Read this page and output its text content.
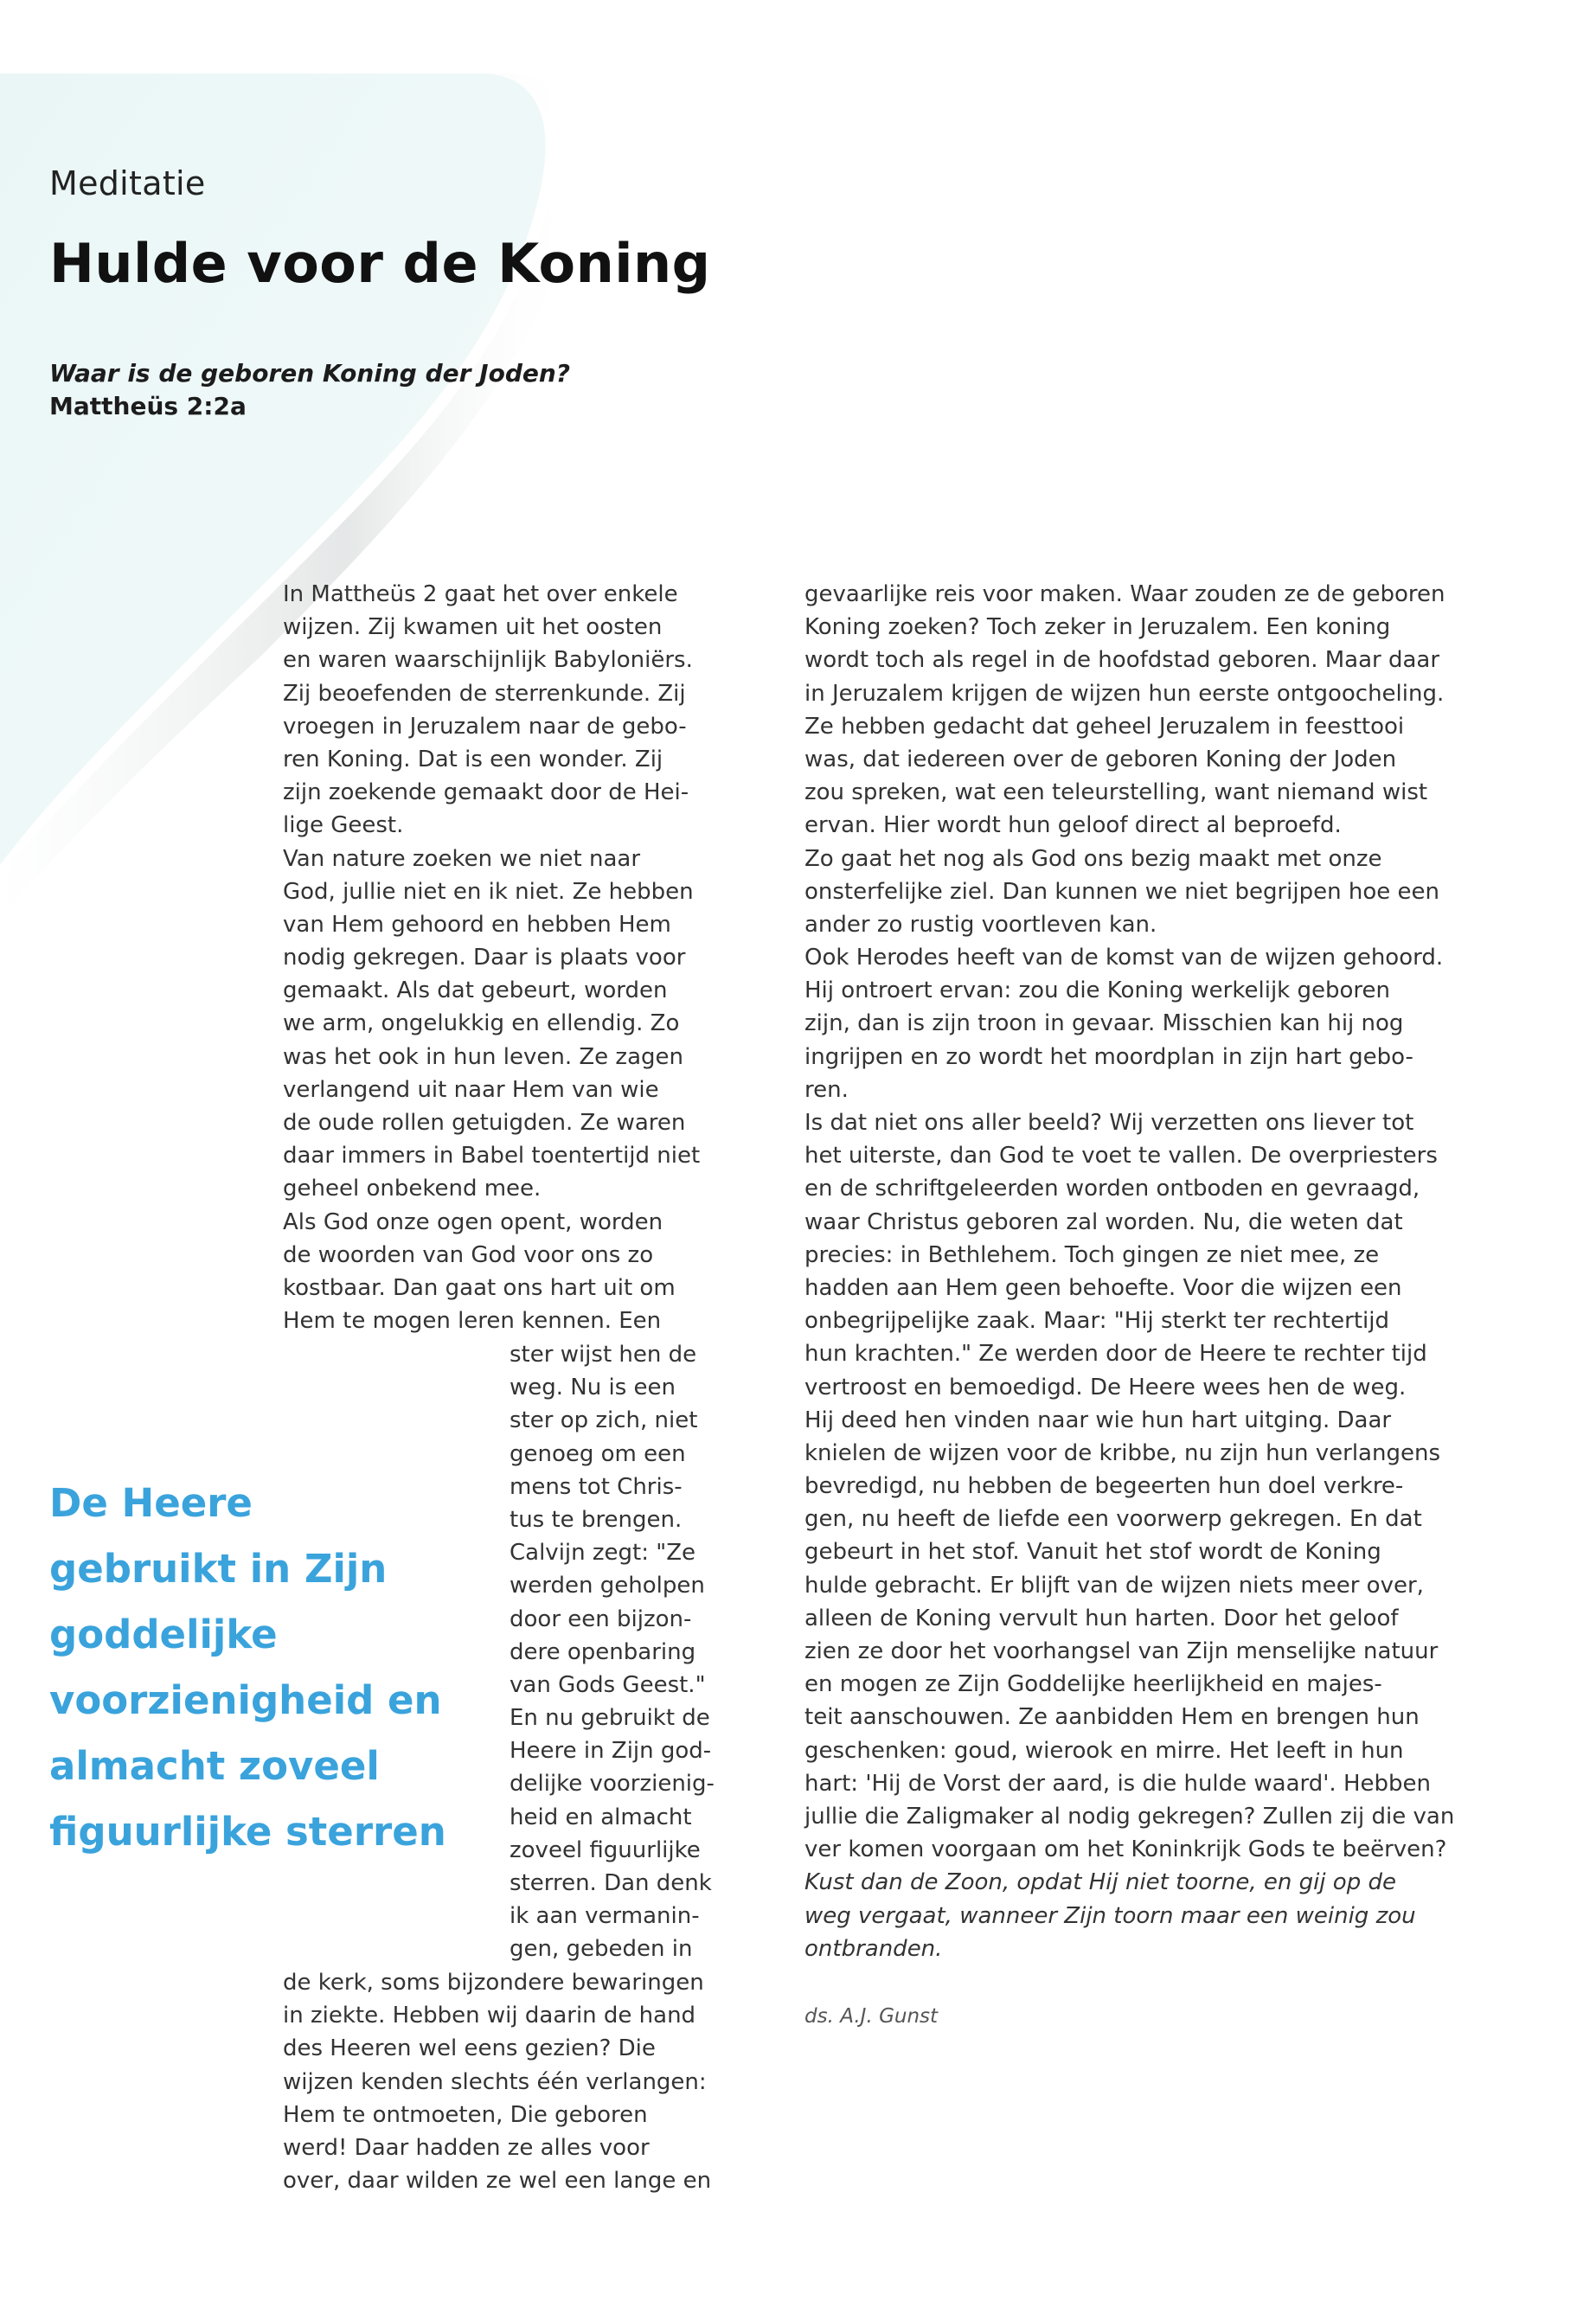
Meditatie
Hulde voor de Koning
Waar is de geboren Koning der Joden?
Mattheüs 2:2a
In Mattheüs 2 gaat het over enkele
wijzen. Zij kwamen uit het oosten
en waren waarschijnlijk Babyloniërs.
Zij beoefenden de sterrenkunde. Zij
vroegen in Jeruzalem naar de gebo-
ren Koning. Dat is een wonder. Zij
zijn zoekende gemaakt door de Hei-
lige Geest.
Van nature zoeken we niet naar
God, jullie niet en ik niet. Ze hebben
van Hem gehoord en hebben Hem
nodig gekregen. Daar is plaats voor
gemaakt. Als dat gebeurt, worden
we arm, ongelukkig en ellendig. Zo
was het ook in hun leven. Ze zagen
verlangend uit naar Hem van wie
de oude rollen getuigden. Ze waren
daar immers in Babel toentertijd niet
geheel onbekend mee.
Als God onze ogen opent, worden
de woorden van God voor ons zo
kostbaar. Dan gaat ons hart uit om
Hem te mogen leren kennen. Een
ster wijst hen de
weg. Nu is een
ster op zich, niet
genoeg om een
mens tot Chris-
tus te brengen.
Calvijn zegt: "Ze
werden geholpen
door een bijzon-
dere openbaring
van Gods Geest."
En nu gebruikt de
Heere in Zijn god-
delijke voorzienig-
heid en almacht
zoveel figuurlijke
sterren. Dan denk
ik aan vermanin-
gen, gebeden in
de kerk, soms bijzondere bewaringen
in ziekte. Hebben wij daarin de hand
des Heeren wel eens gezien? Die
wijzen kenden slechts één verlangen:
Hem te ontmoeten, Die geboren
werd! Daar hadden ze alles voor
over, daar wilden ze wel een lange en
De Heere
gebruikt in Zijn
goddelijke
voorzienigheid en
almacht zoveel
figuurlijke sterren
gevaarlijke reis voor maken. Waar zouden ze de geboren
Koning zoeken? Toch zeker in Jeruzalem. Een koning
wordt toch als regel in de hoofdstad geboren. Maar daar
in Jeruzalem krijgen de wijzen hun eerste ontgoocheling.
Ze hebben gedacht dat geheel Jeruzalem in feesttooi
was, dat iedereen over de geboren Koning der Joden
zou spreken, wat een teleurstelling, want niemand wist
ervan. Hier wordt hun geloof direct al beproefd.
Zo gaat het nog als God ons bezig maakt met onze
onsterfelijke ziel. Dan kunnen we niet begrijpen hoe een
ander zo rustig voortleven kan.
Ook Herodes heeft van de komst van de wijzen gehoord.
Hij ontroert ervan: zou die Koning werkelijk geboren
zijn, dan is zijn troon in gevaar. Misschien kan hij nog
ingrijpen en zo wordt het moordplan in zijn hart gebo-
ren.
Is dat niet ons aller beeld? Wij verzetten ons liever tot
het uiterste, dan God te voet te vallen. De overpriesters
en de schriftgeleerden worden ontboden en gevraagd,
waar Christus geboren zal worden. Nu, die weten dat
precies: in Bethlehem. Toch gingen ze niet mee, ze
hadden aan Hem geen behoefte. Voor die wijzen een
onbegrijpelijke zaak. Maar: "Hij sterkt ter rechtertijd
hun krachten." Ze werden door de Heere te rechter tijd
vertroost en bemoedigd. De Heere wees hen de weg.
Hij deed hen vinden naar wie hun hart uitging. Daar
knielen de wijzen voor de kribbe, nu zijn hun verlangens
bevredigd, nu hebben de begeerten hun doel verkre-
gen, nu heeft de liefde een voorwerp gekregen. En dat
gebeurt in het stof. Vanuit het stof wordt de Koning
hulde gebracht. Er blijft van de wijzen niets meer over,
alleen de Koning vervult hun harten. Door het geloof
zien ze door het voorhangsel van Zijn menselijke natuur
en mogen ze Zijn Goddelijke heerlijkheid en majes-
teit aanschouwen. Ze aanbidden Hem en brengen hun
geschenken: goud, wierook en mirre. Het leeft in hun
hart: 'Hij de Vorst der aard, is die hulde waard'. Hebben
jullie die Zaligmaker al nodig gekregen? Zullen zij die van
ver komen voorgaan om het Koninkrijk Gods te beërven?
Kust dan de Zoon, opdat Hij niet toorne, en gij op de
weg vergaat, wanneer Zijn toorn maar een weinig zou
ontbranden.
ds. A.J. Gunst
